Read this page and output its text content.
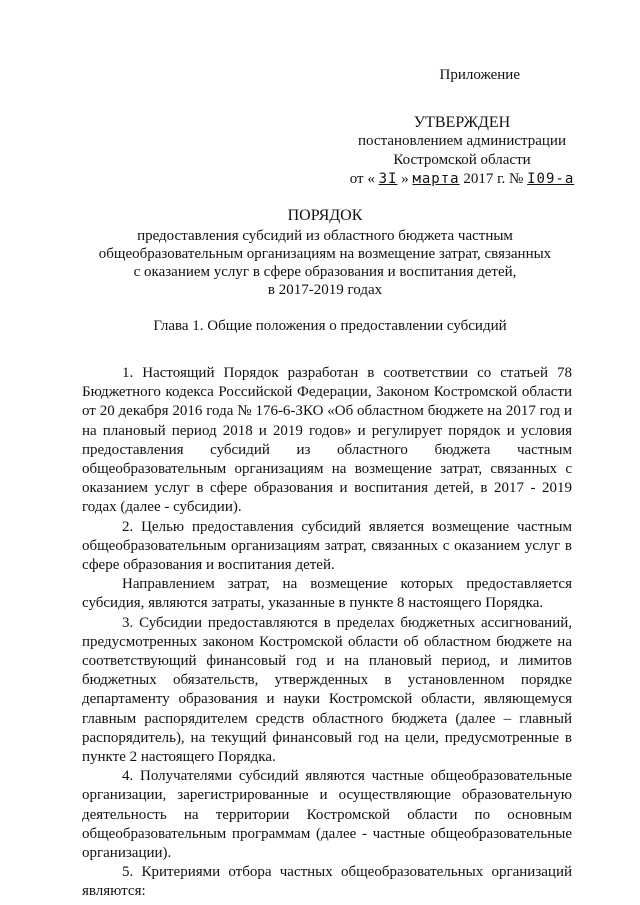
Приложение
УТВЕРЖДЕН
постановлением администрации
Костромской области
от « 3I » марта 2017 г. № I09-а
ПОРЯДОК
предоставления субсидий из областного бюджета частным
общеобразовательным организациям на возмещение затрат, связанных
с оказанием услуг в сфере образования и воспитания детей,
в 2017-2019 годах
Глава 1. Общие положения о предоставлении субсидий

1. Настоящий Порядок разработан в соответствии со статьей 78 Бюджетного кодекса Российской Федерации, Законом Костромской области от 20 декабря 2016 года № 176-6-ЗКО «Об областном бюджете на 2017 год и на плановый период 2018 и 2019 годов» и регулирует порядок и условия предоставления субсидий из областного бюджета частным общеобразовательным организациям на возмещение затрат, связанных с оказанием услуг в сфере образования и воспитания детей, в 2017 - 2019 годах (далее - субсидии).

2. Целью предоставления субсидий является возмещение частным общеобразовательным организациям затрат, связанных с оказанием услуг в сфере образования и воспитания детей.

Направлением затрат, на возмещение которых предоставляется субсидия, являются затраты, указанные в пункте 8 настоящего Порядка.

3. Субсидии предоставляются в пределах бюджетных ассигнований, предусмотренных законом Костромской области об областном бюджете на соответствующий финансовый год и на плановый период, и лимитов бюджетных обязательств, утвержденных в установленном порядке департаменту образования и науки Костромской области, являющемуся главным распорядителем средств областного бюджета (далее – главный распорядитель), на текущий финансовый год на цели, предусмотренные в пункте 2 настоящего Порядка.

4. Получателями субсидий являются частные общеобразовательные организации, зарегистрированные и осуществляющие образовательную деятельность на территории Костромской области по основным общеобразовательным программам (далее - частные общеобразовательные организации).

5. Критериями отбора частных общеобразовательных организаций являются:
